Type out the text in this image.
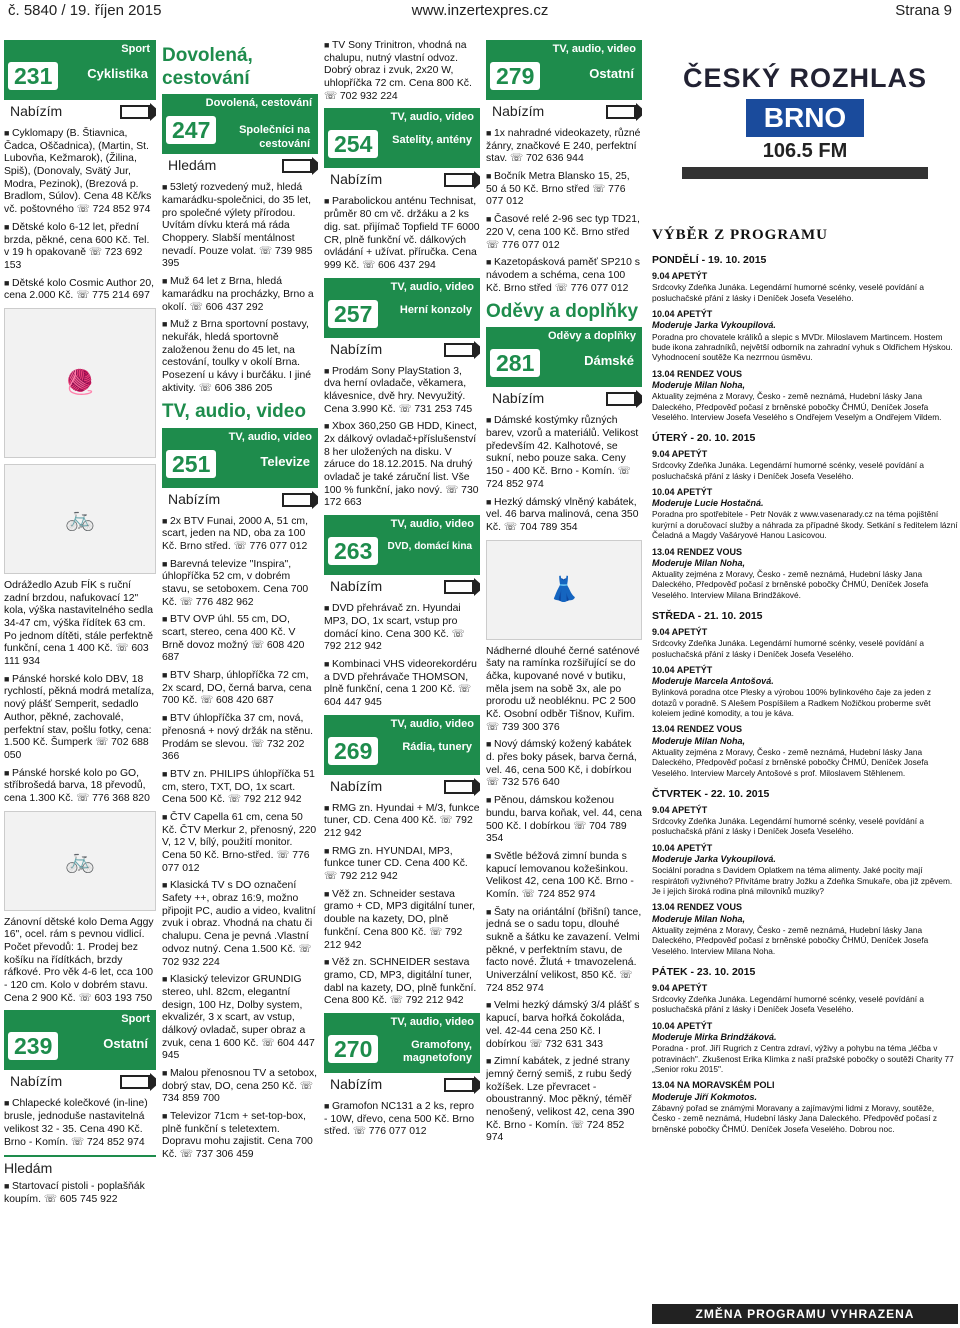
č. 5840 / 19. říjen 2015	www.inzertexpres.cz	Strana 9
Sport
231	Cyklistika
Nabízím
■ Cyklomapy (B. Štiavnica, Čadca, Oščadnica), (Martin, St. Lubovňa, Kežmarok), (Žilina, Spiš), (Donovaly, Svätý Jur, Modra, Pezinok), (Brezová p. Bradlom, Súlov). Cena 48 Kč/ks vč. poštovného ☏ 724 852 974
■ Dětské kolo 6-12 let, přední brzda, pěkné, cena 600 Kč. Tel. v 19 h opakovaně ☏ 723 692 153
■ Dětské kolo Cosmic Author 20, cena 2.000 Kč. ☏ 775 214 697
🧶
🚲
Odrážedlo Azub FÍK s ruční zadní brzdou, nafukovací 12" kola, výška nastavitelného sedla 34-47 cm, výška řídítek 63 cm. Po jednom dítěti, stále perfektně funkční, cena 1 400 Kč. ☏ 603 111 934
■ Pánské horské kolo DBV, 18 rychlostí, pěkná modrá metalíza, nový plášť Semperit, sedadlo Author, pěkné, zachovalé, perfektní stav, pošlu fotky, cena: 1.500 Kč. Šumperk ☏ 702 688 050
■ Pánské horské kolo po GO, stříbrošedá barva, 18 převodů, cena 1.300 Kč. ☏ 776 368 820
🚲
Zánovní dětské kolo Dema Aggy 16", ocel. rám s pevnou vidlicí. Počet převodů: 1. Prodej bez košíku na řídítkách, brzdy ráfkové. Pro věk 4-6 let, cca 100 - 120 cm. Kolo v dobrém stavu. Cena 2 900 Kč. ☏ 603 193 750
Sport
239	Ostatní
Nabízím
■ Chlapecké kolečkové (in-line) brusle, jednoduše nastavitelná velikost 32 - 35. Cena 490 Kč. Brno - Komín. ☏ 724 852 974
Hledám
■ Startovací pistoli - poplašňák koupím. ☏ 605 745 922
Dovolená, cestování
Dovolená, cestování
247	Společníci na cestování
Hledám
■ 53letý rozvedený muž, hledá kamarádku-společnici, do 35 let, pro společné výlety přírodou. Uvítám dívku která má ráda Choppery. Slabší mentálnost nevadí. Pouze volat. ☏ 739 985 395
■ Muž 64 let z Brna, hledá kamarádku na procházky, Brno a okolí. ☏ 606 437 292
■ Muž z Brna sportovní postavy, nekuřák, hledá sportovně založenou ženu do 45 let, na cestování, toulky v okolí Brna. Posezení u kávy i burčáku. I jiné aktivity. ☏ 606 386 205
TV, audio, video
TV, audio, video
251	Televize
Nabízím
■ 2x BTV Funai, 2000 A, 51 cm, scart, jeden na ND, oba za 100 Kč. Brno střed. ☏ 776 077 012
■ Barevná televize "Inspira", úhlopříčka 52 cm, v dobrém stavu, se setoboxem. Cena 700 Kč. ☏ 776 482 962
■ BTV OVP úhl. 55 cm, DO, scart, stereo, cena 400 Kč. V Brně dovoz možný ☏ 608 420 687
■ BTV Sharp, úhlopříčka 72 cm, 2x scard, DO, černá barva, cena 700 Kč. ☏ 608 420 687
■ BTV úhlopříčka 37 cm, nová, přenosná + nový držák na stěnu. Prodám se slevou. ☏ 732 202 366
■ BTV zn. PHILIPS úhlopříčka 51 cm, stero, TXT, DO, 1x scart. Cena 500 Kč. ☏ 792 212 942
■ ČTV Capella 61 cm, cena 50 Kč. ČTV Merkur 2, přenosný, 220 V, 12 V, bílý, použití monitor. Cena 50 Kč. Brno-střed. ☏ 776 077 012
■ Klasická TV s DO označení Safety ++, obraz 16:9, možno připojit PC, audio a video, kvalitní zvuk i obraz. Vhodná na chatu či chalupu. Cena je pevná .Vlastní odvoz nutný. Cena 1.500 Kč. ☏ 702 932 224
■ Klasický televizor GRUNDIG stereo, uhl. 82cm, elegantní design, 100 Hz, Dolby system, ekvalizér, 3 x scart, av vstup, dálkový ovladač, super obraz a zvuk, cena 1 600 Kč. ☏ 604 447 945
■ Malou přenosnou TV a setobox, dobrý stav, DO, cena 250 Kč. ☏ 734 859 700
■ Televizor 71cm + set-top-box, plně funkční s teletextem. Dopravu mohu zajistit. Cena 700 Kč. ☏ 737 306 459
■ TV Sony Trinitron, vhodná na chalupu, nutný vlastní odvoz. Dobrý obraz i zvuk, 2x20 W, uhlopříčka 72 cm. Cena 800 Kč. ☏ 702 932 224
TV, audio, video
254	Satelity, antény
Nabízím
■ Parabolickou anténu Technisat, průměr 80 cm vč. držáku a 2 ks dig. sat. přijímač Topfield TF 6000 CR, plně funkční vč. dálkových ovládání + užívat. příručka. Cena 999 Kč. ☏ 606 437 294
TV, audio, video
257	Herní konzoly
Nabízím
■ Prodám Sony PlayStation 3, dva herní ovladače, věkamera, klávesnice, dvě hry. Nevyužitý. Cena 3.990 Kč. ☏ 731 253 745
■ Xbox 360,250 GB HDD, Kinect, 2x dálkový ovladač+příslušenství 8 her uložených na disku. V záruce do 18.12.2015. Na druhý ovladač je také záruční list. Vše 100 % funkční, jako nový. ☏ 730 172 663
TV, audio, video
263	DVD, domácí kina
Nabízím
■ DVD přehrávač zn. Hyundai MP3, DO, 1x scart, vstup pro domácí kino. Cena 300 Kč. ☏ 792 212 942
■ Kombinaci VHS videorekordéru a DVD přehrávače THOMSON, plně funkční, cena 1 200 Kč. ☏ 604 447 945
TV, audio, video
269	Rádia, tunery
Nabízím
■ RMG zn. Hyundai + M/3, funkce tuner, CD. Cena 400 Kč. ☏ 792 212 942
■ RMG zn. HYUNDAI, MP3, funkce tuner CD. Cena 400 Kč. ☏ 792 212 942
■ Věž zn. Schneider sestava gramo + CD, MP3 digitální tuner, double na kazety, DO, plně funkční. Cena 800 Kč. ☏ 792 212 942
■ Věž zn. SCHNEIDER sestava gramo, CD, MP3, digitální tuner, dabl na kazety, DO, plně funkční. Cena 800 Kč. ☏ 792 212 942
TV, audio, video
270	Gramofony, magnetofony
Nabízím
■ Gramofon NC131 a 2 ks, repro - 10W, dřevo, cena 500 Kč. Brno střed. ☏ 776 077 012
TV, audio, video
279	Ostatní
Nabízím
■ 1x nahradné videokazety, různé žánry, značkové E 240, perfektní stav. ☏ 702 636 944
■ Bočník Metra Blansko 15, 25, 50 á 50 Kč. Brno střed ☏ 776 077 012
■ Časové relé 2-96 sec typ TD21, 220 V, cena 100 Kč. Brno střed ☏ 776 077 012
■ Kazetopásková paměť SP210 s návodem a schéma, cena 100 Kč. Brno střed ☏ 776 077 012
Oděvy a doplňky
Oděvy a doplňky
281	Dámské
Nabízím
■ Dámské kostýmky různých barev, vzorů a materiálů. Velikost především 42. Kalhotové, se sukní, nebo pouze saka. Ceny 150 - 400 Kč. Brno - Komín. ☏ 724 852 974
■ Hezký dámský vlněný kabátek, vel. 46 barva malinová, cena 350 Kč. ☏ 704 789 354
👗
Nádherné dlouhé černé saténové šaty na ramínka rozšiřující se do áčka, kupované nové v butiku, měla jsem na sobě 3x, ale po prorodu už neobléknu. PC 2 500 Kč. Osobní odběr Tišnov, Kuřim. ☏ 739 300 376
■ Nový dámský kožený kabátek d. přes boky pásek, barva černá, vel. 46, cena 500 Kč, i dobírkou ☏ 732 576 640
■ Pěnou, dámskou koženou bundu, barva koňak, vel. 44, cena 500 Kč. I dobírkou ☏ 704 789 354
■ Světle béžová zimní bunda s kapucí lemovanou kožešinkou. Velikost 42, cena 100 Kč. Brno - Komín. ☏ 724 852 974
■ Šaty na oriántální (břišní) tance, jedná se o sadu topu, dlouhé sukně a šátku ke zavazení. Velmi pěkné, v perfektním stavu, de facto nové. Žlutá + tmavozelená. Univerzální velikost, 850 Kč. ☏ 724 852 974
■ Velmi hezký dámský 3/4 plášť s kapucí, barva hořká čokoláda, vel. 42-44 cena 250 Kč. I dobírkou ☏ 732 631 343
■ Zimní kabátek, z jedné strany jemný černý semiš, z rubu šedý kožíšek. Lze převracet - oboustranný. Moc pěkný, téměř nenošený, velikost 42, cena 390 Kč. Brno - Komín. ☏ 724 852 974
ČESKÝ ROZHLAS
BRNO
106.5 FM
VÝBĚR Z PROGRAMU
PONDĚLÍ - 19. 10. 2015
9.04 APETÝT
Srdcovky Zdeňka Junáka. Legendární humorné scénky, veselé povídání a posluchačské přání z lásky i Deníček Josefa Veselého.
10.04 APETÝT
Moderuje Jarka Vykoupilová.
Poradna pro chovatele králíků a slepic s MVDr. Miloslavem Martincem. Hostem bude ikona zahradníků, největší odborník na zahradní vyhuk s Oldřichem Hýskou. Vyhodnocení soutěže Ka nezrrnou úsměvu.
13.04 RENDEZ VOUS
Moderuje Milan Noha,
Aktuality zejména z Moravy, Česko - země neznámá, Hudební lásky Jana Daleckého, Předpověď počasí z brněnské pobočky ČHMÚ, Deníček Josefa Veselého. Interview Josefa Veselého s Ondřejem Veselým a Ondřejem Vildem.
ÚTERÝ - 20. 10. 2015
9.04 APETÝT
Srdcovky Zdeňka Junáka. Legendární humorné scénky, veselé povídání a posluchačská přání z lásky i Deníček Josefa Veselého.
10.04 APETÝT
Moderuje Lucie Hostačná.
Poradna pro spotřebitele - Petr Novák z www.vasenarady.cz na téma pojištění kurýrní a doručovací služby a náhrada za případné škody. Setkání s ředitelem lázní Čeladná a Magdy Vašáryové Hanou Lasicovou.
13.04 RENDEZ VOUS
Moderuje Milan Noha,
Aktuality zejména z Moravy, Česko - země neznámá, Hudební lásky Jana Daleckého, Předpověď počasí z brněnské pobočky ČHMÚ, Deníček Josefa Veselého. Interview Milana Brindžákové.
STŘEDA - 21. 10. 2015
9.04 APETÝT
Srdcovky Zdeňka Junáka. Legendární humorné scénky, veselé povídání a posluchačská přání z lásky i Deníček Josefa Veselého.
10.04 APETÝT
Moderuje Marcela Antošová.
Bylinková poradna otce Plesky a výrobou 100% bylinkového čaje za jeden z dotazů v poradně. S Alešem Pospíšilem a Radkem Nožičkou proberme svět koleiem jediné komodity, a tou je káva.
13.04 RENDEZ VOUS
Moderuje Milan Noha,
Aktuality zejména z Moravy, Česko - země neznámá, Hudební lásky Jana Daleckého, Předpověď počasí z brněnské pobočky ČHMÚ, Deníček Josefa Veselého. Interview Marcely Antošové s prof. Miloslavem Stěhlenem.
ČTVRTEK - 22. 10. 2015
9.04 APETÝT
Srdcovky Zdeňka Junáka. Legendární humorné scénky, veselé povídání a posluchačská přání z lásky i Deníček Josefa Veselého.
10.04 APETÝT
Moderuje Jarka Vykoupilová.
Sociální poradna s Davidem Oplatkem na téma alimenty. Jaké pocity mají respirátoři vyživného? Přivítáme bratry Jožku a Zdeňka Smukaře, oba již zpěvem. Je i jejich široká rodina plná milovníků muziky?
13.04 RENDEZ VOUS
Moderuje Milan Noha,
Aktuality zejména z Moravy, Česko - země neznámá, Hudební lásky Jana Daleckého, Předpověď počasí z brněnské pobočky ČHMÚ, Deníček Josefa Veselého. Interview Milana Noha.
PÁTEK - 23. 10. 2015
9.04 APETÝT
Srdcovky Zdeňka Junáka. Legendární humorné scénky, veselé povídání a posluchačská přání z lásky i Deníček Josefa Veselého.
10.04 APETÝT
Moderuje Mirka Brindžáková.
Poradna - prof. Jiří Rugrich z Centra zdraví, výživy a pohybu na téma „léčba v potravinách". Zkušenost Erika Klimka z naší pražské pobočky o soutěži Charity 77 „Senior roku 2015".
13.04 NA MORAVSKÉM POLI
Moderuje Jiří Kokmotos.
Zábavný pořad se známými Moravany a zajímavými lidmi z Moravy, soutěže, Česko - země neznámá, Hudební lásky Jana Daleckého. Předpověď počasí z brněnské pobočky ČHMÚ. Deníček Josefa Veselého. Dobrou noc.
ZMĚNA PROGRAMU VYHRAZENA
